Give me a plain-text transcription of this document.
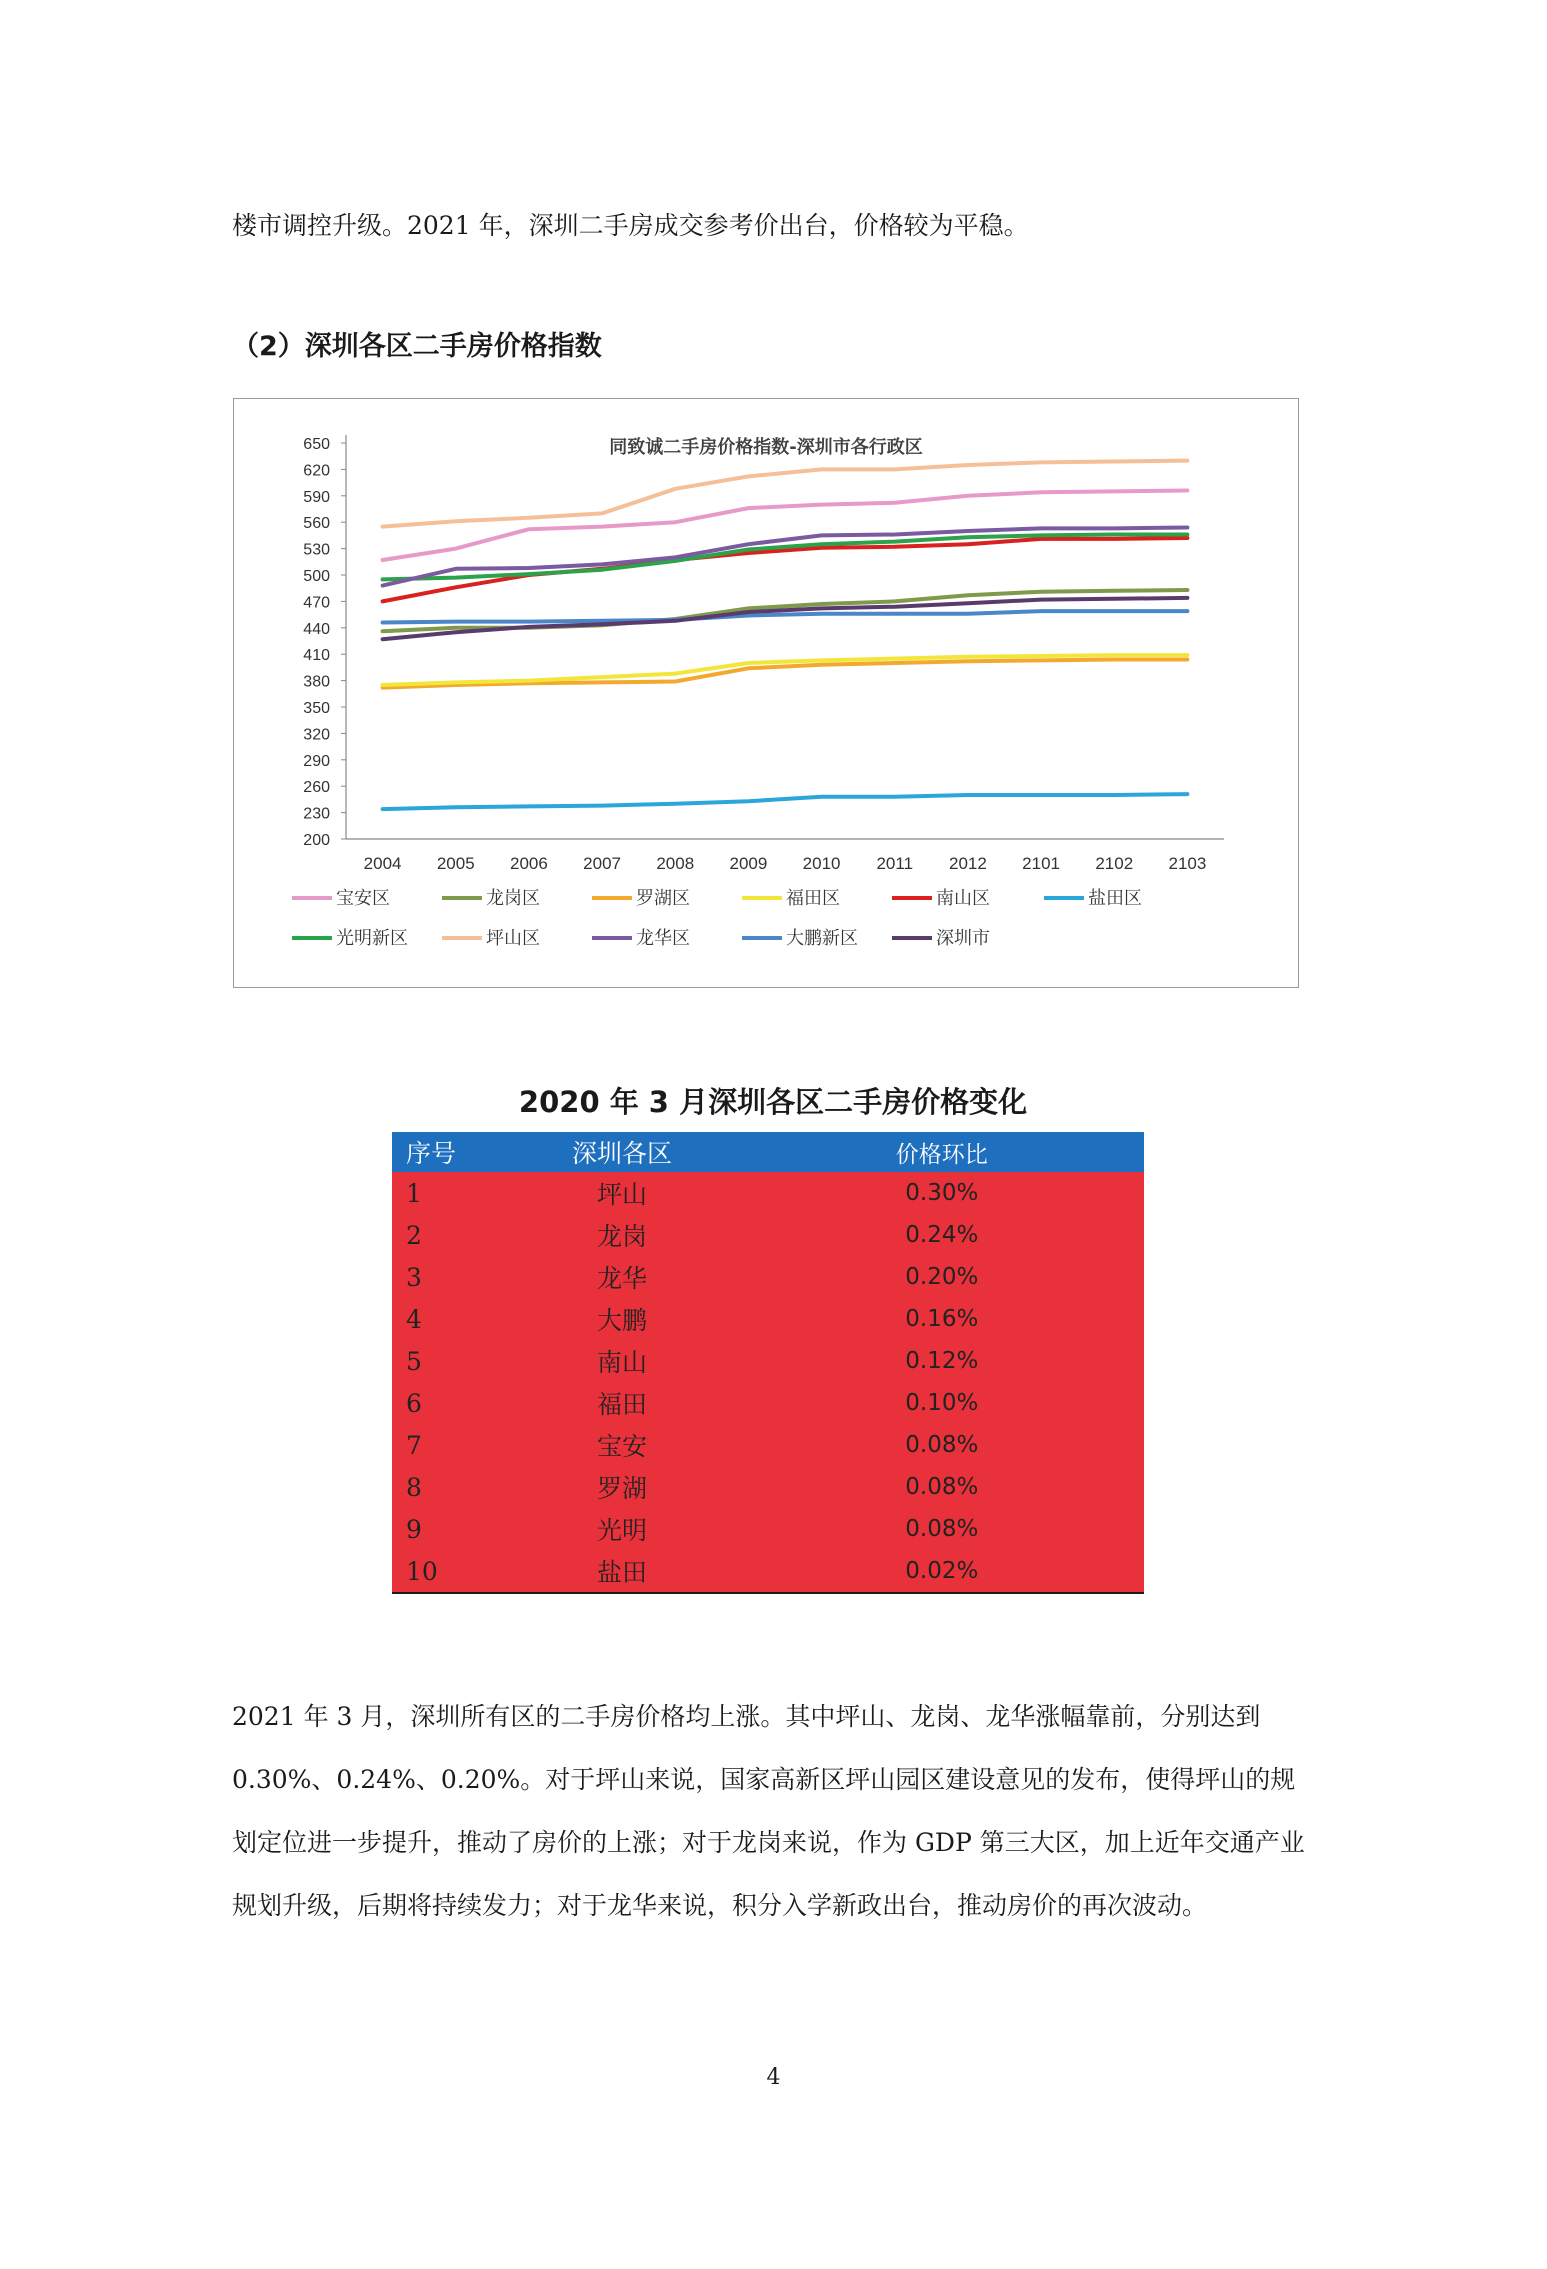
楼市调控升级。2021 年，深圳二手房成交参考价出台，价格较为平稳。

（2）深圳各区二手房价格指数

同致诚二手房价格指数-深圳市各行政区
200
230
260
290
320
350
380
410
440
470
500
530
560
590
620
650
2004 2005 2006 2007 2008 2009 2010 2011 2012 2101 2102 2103
宝安区	龙岗区	罗湖区	福田区	南山区	盐田区
光明新区	坪山区	龙华区	大鹏新区	深圳市

2020 年 3 月深圳各区二手房价格变化

序号	深圳各区	价格环比
1	坪山	0.30%
2	龙岗	0.24%
3	龙华	0.20%
4	大鹏	0.16%
5	南山	0.12%
6	福田	0.10%
7	宝安	0.08%
8	罗湖	0.08%
9	光明	0.08%
10	盐田	0.02%

2021 年 3 月，深圳所有区的二手房价格均上涨。其中坪山、龙岗、龙华涨幅靠前，分别达到 0.30%、0.24%、0.20%。对于坪山来说，国家高新区坪山园区建设意见的发布，使得坪山的规划定位进一步提升，推动了房价的上涨；对于龙岗来说，作为 GDP 第三大区，加上近年交通产业规划升级，后期将持续发力；对于龙华来说，积分入学新政出台，推动房价的再次波动。

4
